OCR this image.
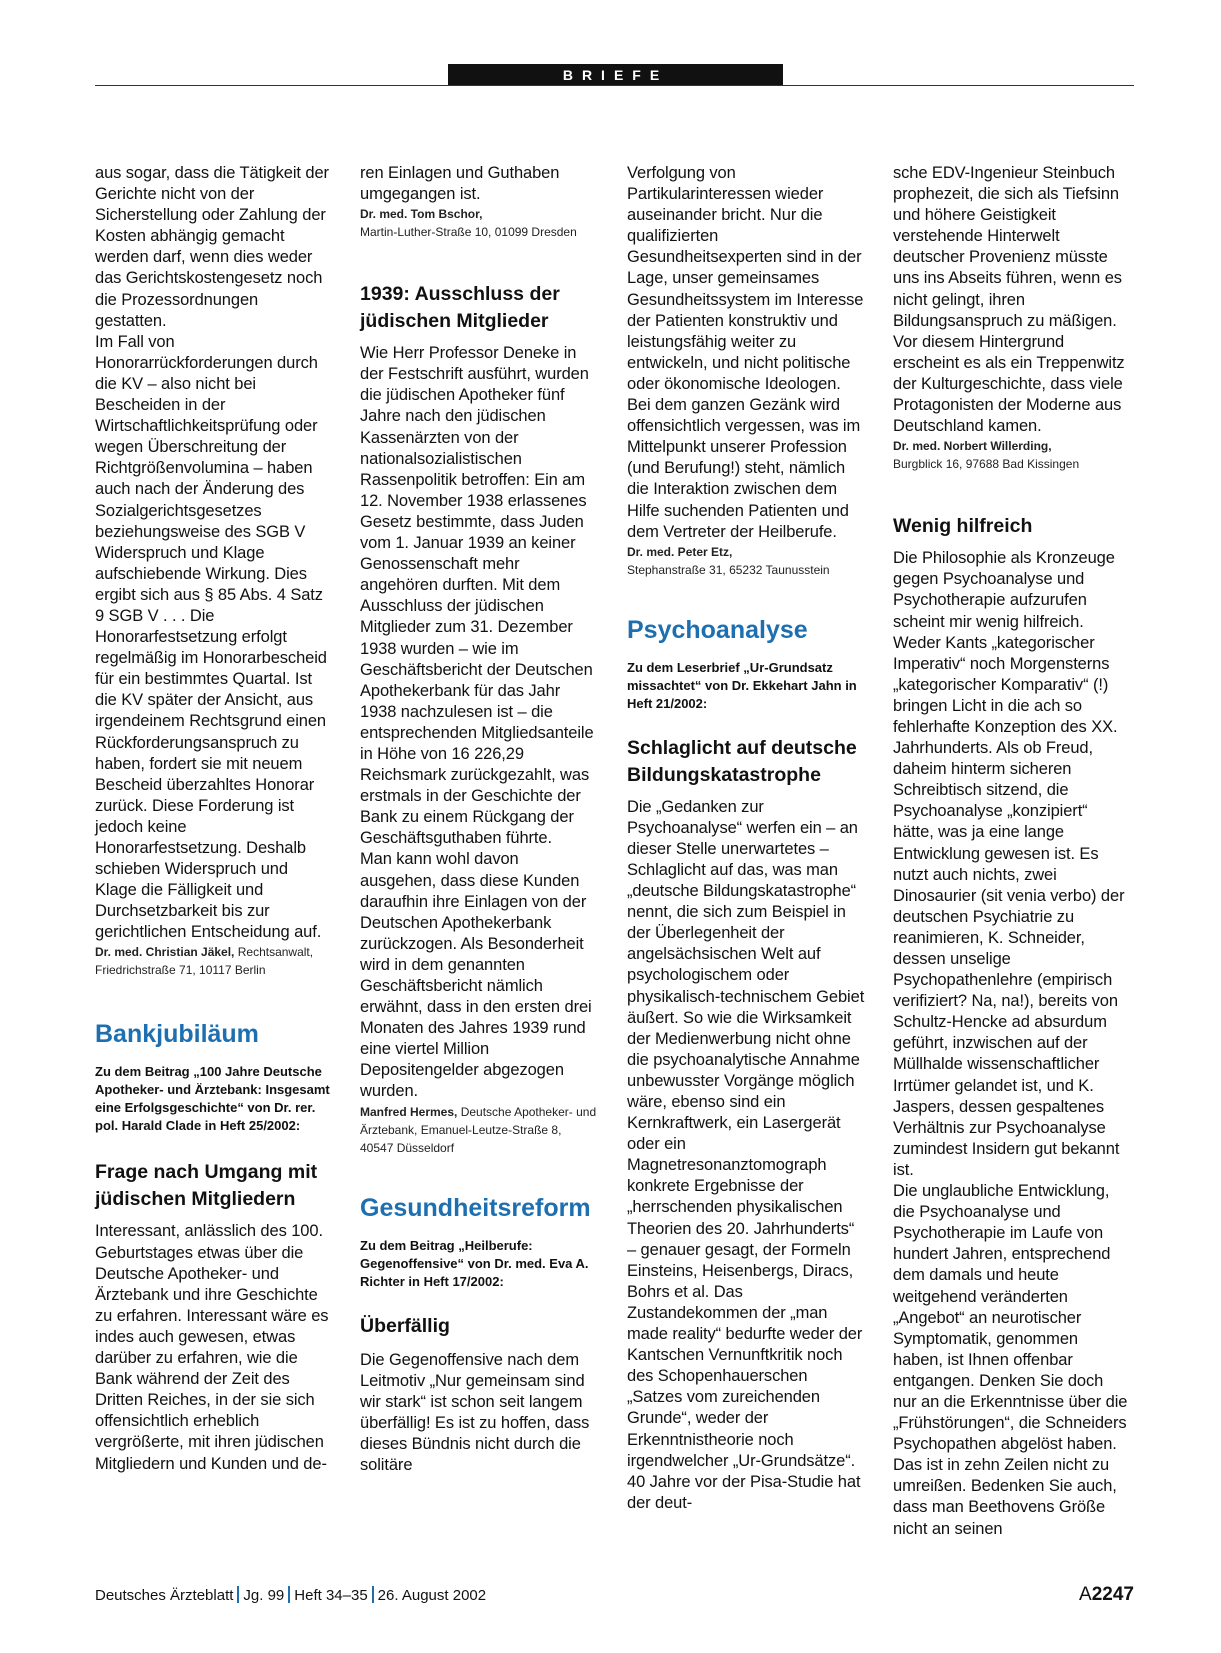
BRIEFE

aus sogar, dass die Tätigkeit der Gerichte nicht von der Sicherstellung oder Zahlung der Kosten abhängig gemacht werden darf, wenn dies weder das Gerichtskostengesetz noch die Prozessordnungen gestatten.

Im Fall von Honorarrückforderungen durch die KV – also nicht bei Bescheiden in der Wirtschaftlichkeitsprüfung oder wegen Überschreitung der Richtgrößenvolumina – haben auch nach der Änderung des Sozialgerichtsgesetzes beziehungsweise des SGB V Widerspruch und Klage aufschiebende Wirkung. Dies ergibt sich aus § 85 Abs. 4 Satz 9 SGB V . . . Die Honorarfestsetzung erfolgt regelmäßig im Honorarbescheid für ein bestimmtes Quartal. Ist die KV später der Ansicht, aus irgendeinem Rechtsgrund einen Rückforderungsanspruch zu haben, fordert sie mit neuem Bescheid überzahltes Honorar zurück. Diese Forderung ist jedoch keine Honorarfestsetzung. Deshalb schieben Widerspruch und Klage die Fälligkeit und Durchsetzbarkeit bis zur gerichtlichen Entscheidung auf.

Dr. med. Christian Jäkel, Rechtsanwalt, Friedrichstraße 71, 10117 Berlin

Bankjubiläum

Zu dem Beitrag „100 Jahre Deutsche Apotheker- und Ärztebank: Insgesamt eine Erfolgsgeschichte“ von Dr. rer. pol. Harald Clade in Heft 25/2002:

Frage nach Umgang mit jüdischen Mitgliedern

Interessant, anlässlich des 100. Geburtstages etwas über die Deutsche Apotheker- und Ärztebank und ihre Geschichte zu erfahren. Interessant wäre es indes auch gewesen, etwas darüber zu erfahren, wie die Bank während der Zeit des Dritten Reiches, in der sie sich offensichtlich erheblich vergrößerte, mit ihren jüdischen Mitgliedern und Kunden und de-

ren Einlagen und Guthaben umgegangen ist.

Dr. med. Tom Bschor,
Martin-Luther-Straße 10, 01099 Dresden

1939: Ausschluss der jüdischen Mitglieder

Wie Herr Professor Deneke in der Festschrift ausführt, wurden die jüdischen Apotheker fünf Jahre nach den jüdischen Kassenärzten von der nationalsozialistischen Rassenpolitik betroffen: Ein am 12. November 1938 erlassenes Gesetz bestimmte, dass Juden vom 1. Januar 1939 an keiner Genossenschaft mehr angehören durften. Mit dem Ausschluss der jüdischen Mitglieder zum 31. Dezember 1938 wurden – wie im Geschäftsbericht der Deutschen Apothekerbank für das Jahr 1938 nachzulesen ist – die entsprechenden Mitgliedsanteile in Höhe von 16 226,29 Reichsmark zurückgezahlt, was erstmals in der Geschichte der Bank zu einem Rückgang der Geschäftsguthaben führte.

Man kann wohl davon ausgehen, dass diese Kunden daraufhin ihre Einlagen von der Deutschen Apothekerbank zurückzogen. Als Besonderheit wird in dem genannten Geschäftsbericht nämlich erwähnt, dass in den ersten drei Monaten des Jahres 1939 rund eine viertel Million Depositengelder abgezogen wurden.

Manfred Hermes, Deutsche Apotheker- und Ärztebank, Emanuel-Leutze-Straße 8, 40547 Düsseldorf

Gesundheitsreform

Zu dem Beitrag „Heilberufe: Gegenoffensive“ von Dr. med. Eva A. Richter in Heft 17/2002:

Überfällig

Die Gegenoffensive nach dem Leitmotiv „Nur gemeinsam sind wir stark“ ist schon seit langem überfällig! Es ist zu hoffen, dass dieses Bündnis nicht durch die solitäre

Verfolgung von Partikularinteressen wieder auseinander bricht. Nur die qualifizierten Gesundheitsexperten sind in der Lage, unser gemeinsames Gesundheitssystem im Interesse der Patienten konstruktiv und leistungsfähig weiter zu entwickeln, und nicht politische oder ökonomische Ideologen. Bei dem ganzen Gezänk wird offensichtlich vergessen, was im Mittelpunkt unserer Profession (und Berufung!) steht, nämlich die Interaktion zwischen dem Hilfe suchenden Patienten und dem Vertreter der Heilberufe.

Dr. med. Peter Etz,
Stephanstraße 31, 65232 Taunusstein

Psychoanalyse

Zu dem Leserbrief „Ur-Grundsatz missachtet“ von Dr. Ekkehart Jahn in Heft 21/2002:

Schlaglicht auf deutsche Bildungskatastrophe

Die „Gedanken zur Psychoanalyse“ werfen ein – an dieser Stelle unerwartetes – Schlaglicht auf das, was man „deutsche Bildungskatastrophe“ nennt, die sich zum Beispiel in der Überlegenheit der angelsächsischen Welt auf psychologischem oder physikalisch-technischem Gebiet äußert. So wie die Wirksamkeit der Medienwerbung nicht ohne die psychoanalytische Annahme unbewusster Vorgänge möglich wäre, ebenso sind ein Kernkraftwerk, ein Lasergerät oder ein Magnetresonanztomograph konkrete Ergebnisse der „herrschenden physikalischen Theorien des 20. Jahrhunderts“ – genauer gesagt, der Formeln Einsteins, Heisenbergs, Diracs, Bohrs et al. Das Zustandekommen der „man made reality“ bedurfte weder der Kantschen Vernunftkritik noch des Schopenhauerschen „Satzes vom zureichenden Grunde“, weder der Erkenntnistheorie noch irgendwelcher „Ur-Grundsätze“. 40 Jahre vor der Pisa-Studie hat der deut-

sche EDV-Ingenieur Steinbuch prophezeit, die sich als Tiefsinn und höhere Geistigkeit verstehende Hinterwelt deutscher Provenienz müsste uns ins Abseits führen, wenn es nicht gelingt, ihren Bildungsanspruch zu mäßigen. Vor diesem Hintergrund erscheint es als ein Treppenwitz der Kulturgeschichte, dass viele Protagonisten der Moderne aus Deutschland kamen.

Dr. med. Norbert Willerding,
Burgblick 16, 97688 Bad Kissingen

Wenig hilfreich

Die Philosophie als Kronzeuge gegen Psychoanalyse und Psychotherapie aufzurufen scheint mir wenig hilfreich. Weder Kants „kategorischer Imperativ“ noch Morgensterns „kategorischer Komparativ“ (!) bringen Licht in die ach so fehlerhafte Konzeption des XX. Jahrhunderts. Als ob Freud, daheim hinterm sicheren Schreibtisch sitzend, die Psychoanalyse „konzipiert“ hätte, was ja eine lange Entwicklung gewesen ist. Es nutzt auch nichts, zwei Dinosaurier (sit venia verbo) der deutschen Psychiatrie zu reanimieren, K. Schneider, dessen unselige Psychopathenlehre (empirisch verifiziert? Na, na!), bereits von Schultz-Hencke ad absurdum geführt, inzwischen auf der Müllhalde wissenschaftlicher Irrtümer gelandet ist, und K. Jaspers, dessen gespaltenes Verhältnis zur Psychoanalyse zumindest Insidern gut bekannt ist.

Die unglaubliche Entwicklung, die Psychoanalyse und Psychotherapie im Laufe von hundert Jahren, entsprechend dem damals und heute weitgehend veränderten „Angebot“ an neurotischer Symptomatik, genommen haben, ist Ihnen offenbar entgangen. Denken Sie doch nur an die Erkenntnisse über die „Frühstörungen“, die Schneiders Psychopathen abgelöst haben. Das ist in zehn Zeilen nicht zu umreißen. Bedenken Sie auch, dass man Beethovens Größe nicht an seinen

Deutsches Ärzteblatt Jg. 99 Heft 34–35 26. August 2002	A2247
